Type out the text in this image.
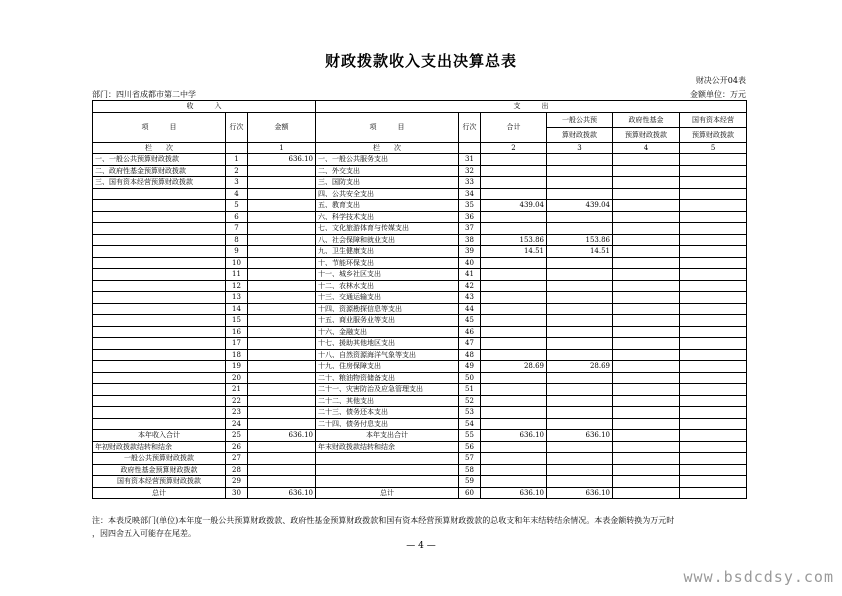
财政拨款收入支出决算总表
财决公开04表
部门：四川省成都市第二中学	金额单位：万元
收　　　入			支　　　出					
项　　　目	行次	金额	项　　　目	行次	合计	一般公共预	政府性基金	国有资本经营
						算财政拨款	预算财政拨款	预算财政拨款
栏　　次		1	栏　　次		2	3	4	5
一、一般公共预算财政拨款	1	636.10	一、一般公共服务支出	31				
二、政府性基金预算财政拨款	2		二、外交支出	32				
三、国有资本经营预算财政拨款	3		三、国防支出	33				
	4		四、公共安全支出	34				
	5		五、教育支出	35	439.04	439.04		
	6		六、科学技术支出	36				
	7		七、文化旅游体育与传媒支出	37				
	8		八、社会保障和就业支出	38	153.86	153.86		
	9		九、卫生健康支出	39	14.51	14.51		
	10		十、节能环保支出	40				
	11		十一、城乡社区支出	41				
	12		十二、农林水支出	42				
	13		十三、交通运输支出	43				
	14		十四、资源勘探信息等支出	44				
	15		十五、商业服务业等支出	45				
	16		十六、金融支出	46				
	17		十七、援助其他地区支出	47				
	18		十八、自然资源海洋气象等支出	48				
	19		十九、住房保障支出	49	28.69	28.69		
	20		二十、粮油物资储备支出	50				
	21		二十一、灾害防治及应急管理支出	51				
	22		二十二、其他支出	52				
	23		二十三、债务还本支出	53				
	24		二十四、债务付息支出	54				
本年收入合计	25	636.10	本年支出合计	55	636.10	636.10		
年初财政拨款结转和结余	26		年末财政拨款结转和结余	56				
一般公共预算财政拨款	27			57				
政府性基金预算财政拨款	28			58				
国有资本经营预算财政拨款	29			59				
总计	30	636.10	总计	60	636.10	636.10		
注：本表反映部门(单位)本年度一般公共预算财政拨款、政府性基金预算财政拨款和国有资本经营预算财政拨款的总收支和年末结转结余情况。本表金额转换为万元时
，因四舍五入可能存在尾差。
— 4 —
www.bsdcdsy.com
